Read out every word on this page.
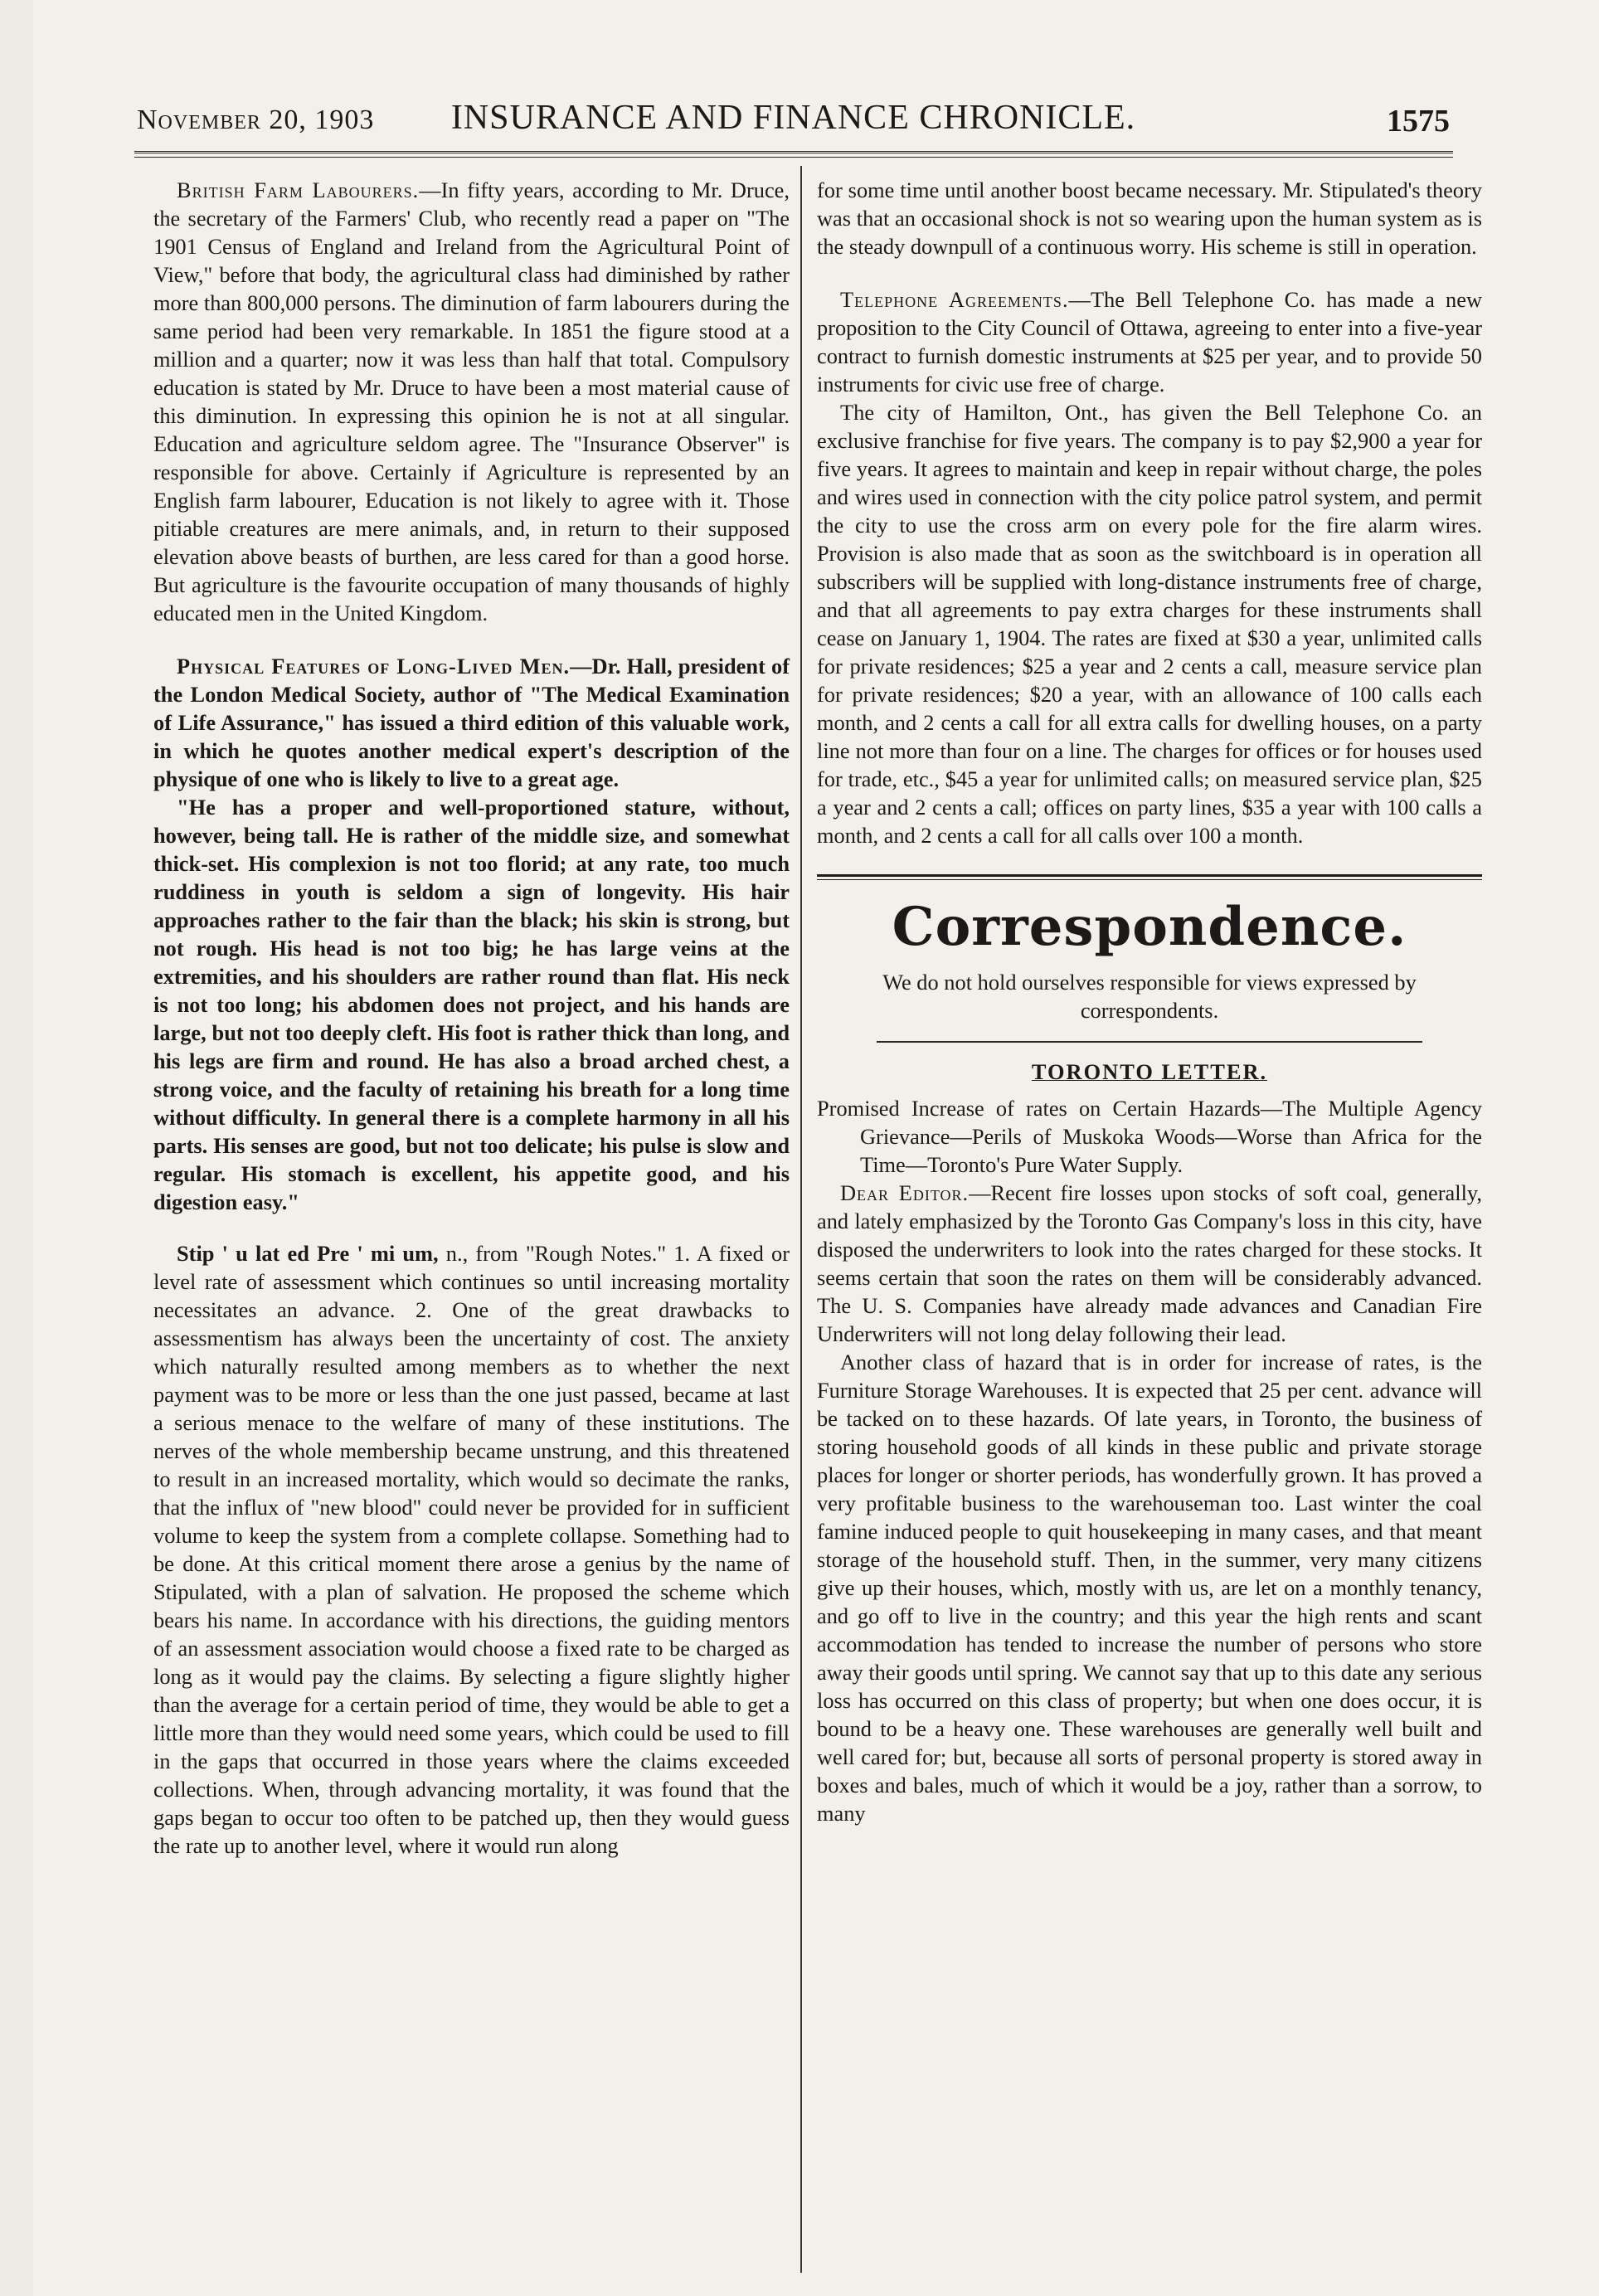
November 20, 1903	INSURANCE AND FINANCE CHRONICLE.	1575

British Farm Labourers.—In fifty years, according to Mr. Druce, the secretary of the Farmers' Club, who recently read a paper on "The 1901 Census of England and Ireland from the Agricultural Point of View," before that body, the agricultural class had diminished by rather more than 800,000 persons. The diminution of farm labourers during the same period had been very remarkable. In 1851 the figure stood at a million and a quarter; now it was less than half that total. Compulsory education is stated by Mr. Druce to have been a most material cause of this diminution. In expressing this opinion he is not at all singular. Education and agriculture seldom agree. The "Insurance Observer" is responsible for above. Certainly if Agriculture is represented by an English farm labourer, Education is not likely to agree with it. Those pitiable creatures are mere animals, and, in return to their supposed elevation above beasts of burthen, are less cared for than a good horse. But agriculture is the favourite occupation of many thousands of highly educated men in the United Kingdom.

Physical Features of Long-Lived Men.—Dr. Hall, president of the London Medical Society, author of "The Medical Examination of Life Assurance," has issued a third edition of this valuable work, in which he quotes another medical expert's description of the physique of one who is likely to live to a great age.

"He has a proper and well-proportioned stature, without, however, being tall. He is rather of the middle size, and somewhat thick-set. His complexion is not too florid; at any rate, too much ruddiness in youth is seldom a sign of longevity. His hair approaches rather to the fair than the black; his skin is strong, but not rough. His head is not too big; he has large veins at the extremities, and his shoulders are rather round than flat. His neck is not too long; his abdomen does not project, and his hands are large, but not too deeply cleft. His foot is rather thick than long, and his legs are firm and round. He has also a broad arched chest, a strong voice, and the faculty of retaining his breath for a long time without difficulty. In general there is a complete harmony in all his parts. His senses are good, but not too delicate; his pulse is slow and regular. His stomach is excellent, his appetite good, and his digestion easy."

Stip ' u lat ed Pre ' mi um, n., from "Rough Notes." 1. A fixed or level rate of assessment which continues so until increasing mortality necessitates an advance. 2. One of the great drawbacks to assessmentism has always been the uncertainty of cost. The anxiety which naturally resulted among members as to whether the next payment was to be more or less than the one just passed, became at last a serious menace to the welfare of many of these institutions. The nerves of the whole membership became unstrung, and this threatened to result in an increased mortality, which would so decimate the ranks, that the influx of "new blood" could never be provided for in sufficient volume to keep the system from a complete collapse. Something had to be done. At this critical moment there arose a genius by the name of Stipulated, with a plan of salvation. He proposed the scheme which bears his name. In accordance with his directions, the guiding mentors of an assessment association would choose a fixed rate to be charged as long as it would pay the claims. By selecting a figure slightly higher than the average for a certain period of time, they would be able to get a little more than they would need some years, which could be used to fill in the gaps that occurred in those years where the claims exceeded collections. When, through advancing mortality, it was found that the gaps began to occur too often to be patched up, then they would guess the rate up to another level, where it would run along

for some time until another boost became necessary. Mr. Stipulated's theory was that an occasional shock is not so wearing upon the human system as is the steady downpull of a continuous worry. His scheme is still in operation.

Telephone Agreements.—The Bell Telephone Co. has made a new proposition to the City Council of Ottawa, agreeing to enter into a five-year contract to furnish domestic instruments at $25 per year, and to provide 50 instruments for civic use free of charge.

The city of Hamilton, Ont., has given the Bell Telephone Co. an exclusive franchise for five years. The company is to pay $2,900 a year for five years. It agrees to maintain and keep in repair without charge, the poles and wires used in connection with the city police patrol system, and permit the city to use the cross arm on every pole for the fire alarm wires. Provision is also made that as soon as the switchboard is in operation all subscribers will be supplied with long-distance instruments free of charge, and that all agreements to pay extra charges for these instruments shall cease on January 1, 1904. The rates are fixed at $30 a year, unlimited calls for private residences; $25 a year and 2 cents a call, measure service plan for private residences; $20 a year, with an allowance of 100 calls each month, and 2 cents a call for all extra calls for dwelling houses, on a party line not more than four on a line. The charges for offices or for houses used for trade, etc., $45 a year for unlimited calls; on measured service plan, $25 a year and 2 cents a call; offices on party lines, $35 a year with 100 calls a month, and 2 cents a call for all calls over 100 a month.

Correspondence.
We do not hold ourselves responsible for views expressed by correspondents.
TORONTO LETTER.

Promised Increase of rates on Certain Hazards—The Multiple Agency Grievance—Perils of Muskoka Woods—Worse than Africa for the Time—Toronto's Pure Water Supply.

Dear Editor.—Recent fire losses upon stocks of soft coal, generally, and lately emphasized by the Toronto Gas Company's loss in this city, have disposed the underwriters to look into the rates charged for these stocks. It seems certain that soon the rates on them will be considerably advanced. The U. S. Companies have already made advances and Canadian Fire Underwriters will not long delay following their lead.

Another class of hazard that is in order for increase of rates, is the Furniture Storage Warehouses. It is expected that 25 per cent. advance will be tacked on to these hazards. Of late years, in Toronto, the business of storing household goods of all kinds in these public and private storage places for longer or shorter periods, has wonderfully grown. It has proved a very profitable business to the warehouseman too. Last winter the coal famine induced people to quit housekeeping in many cases, and that meant storage of the household stuff. Then, in the summer, very many citizens give up their houses, which, mostly with us, are let on a monthly tenancy, and go off to live in the country; and this year the high rents and scant accommodation has tended to increase the number of persons who store away their goods until spring. We cannot say that up to this date any serious loss has occurred on this class of property; but when one does occur, it is bound to be a heavy one. These warehouses are generally well built and well cared for; but, because all sorts of personal property is stored away in boxes and bales, much of which it would be a joy, rather than a sorrow, to many
